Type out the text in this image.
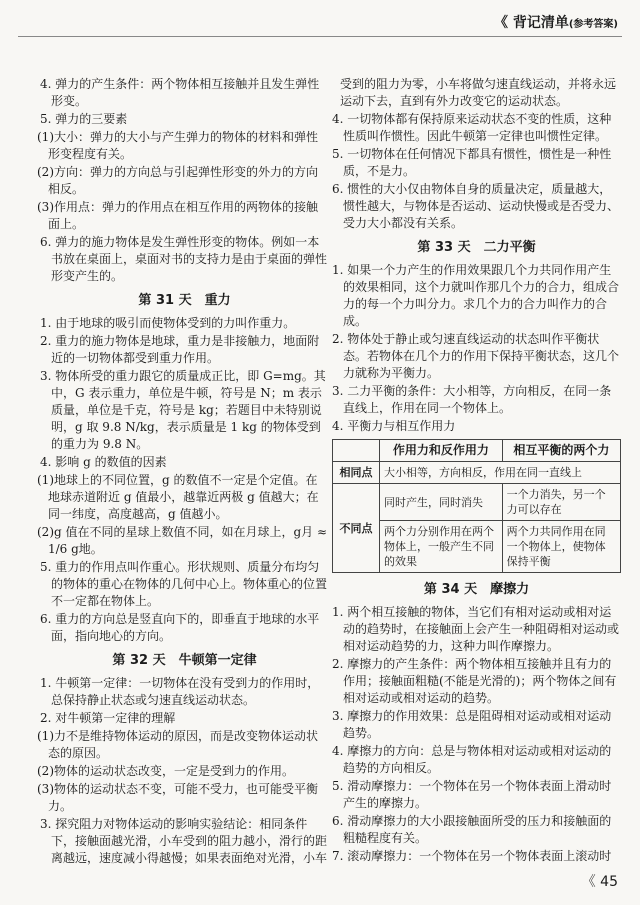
《 背记清单(参考答案)
4. 弹力的产生条件：两个物体相互接触并且发生弹性形变。
5. 弹力的三要素
(1)大小：弹力的大小与产生弹力的物体的材料和弹性形变程度有关。
(2)方向：弹力的方向总与引起弹性形变的外力的方向相反。
(3)作用点：弹力的作用点在相互作用的两物体的接触面上。
6. 弹力的施力物体是发生弹性形变的物体。例如一本书放在桌面上，桌面对书的支持力是由于桌面的弹性形变产生的。
第 31 天　重力
1. 由于地球的吸引而使物体受到的力叫作重力。
2. 重力的施力物体是地球，重力是非接触力，地面附近的一切物体都受到重力作用。
3. 物体所受的重力跟它的质量成正比，即 G=mg。其中，G 表示重力，单位是牛顿，符号是 N；m 表示质量，单位是千克，符号是 kg；若题目中未特别说明，g 取 9.8 N/kg，表示质量是 1 kg 的物体受到的重力为 9.8 N。
4. 影响 g 的数值的因素
(1)地球上的不同位置，g 的数值不一定是个定值。在地球赤道附近 g 值最小，越靠近两极 g 值越大；在同一纬度，高度越高，g 值越小。
(2)g 值在不同的星球上数值不同，如在月球上，g月 ≈ 1/6 g地。
5. 重力的作用点叫作重心。形状规则、质量分布均匀的物体的重心在物体的几何中心上。物体重心的位置不一定都在物体上。
6. 重力的方向总是竖直向下的，即垂直于地球的水平面，指向地心的方向。
第 32 天　牛顿第一定律
1. 牛顿第一定律：一切物体在没有受到力的作用时，总保持静止状态或匀速直线运动状态。
2. 对牛顿第一定律的理解
(1)力不是维持物体运动的原因，而是改变物体运动状态的原因。
(2)物体的运动状态改变，一定是受到力的作用。
(3)物体的运动状态不变，可能不受力，也可能受平衡力。
3. 探究阻力对物体运动的影响实验结论：相同条件下，接触面越光滑，小车受到的阻力越小，滑行的距离越远，速度减小得越慢；如果表面绝对光滑，小车
受到的阻力为零，小车将做匀速直线运动，并将永远运动下去，直到有外力改变它的运动状态。
4. 一切物体都有保持原来运动状态不变的性质，这种性质叫作惯性。因此牛顿第一定律也叫惯性定律。
5. 一切物体在任何情况下都具有惯性，惯性是一种性质，不是力。
6. 惯性的大小仅由物体自身的质量决定，质量越大，惯性越大，与物体是否运动、运动快慢或是否受力、受力大小都没有关系。
第 33 天　二力平衡
1. 如果一个力产生的作用效果跟几个力共同作用产生的效果相同，这个力就叫作那几个力的合力，组成合力的每一个力叫分力。求几个力的合力叫作力的合成。
2. 物体处于静止或匀速直线运动的状态叫作平衡状态。若物体在几个力的作用下保持平衡状态，这几个力就称为平衡力。
3. 二力平衡的条件：大小相等，方向相反，在同一条直线上，作用在同一个物体上。
4. 平衡力与相互作用力
	作用力和反作用力	相互平衡的两个力
相同点	大小相等，方向相反，作用在同一直线上	
不同点	同时产生，同时消失	一个力消失，另一个力可以存在
	两个力分别作用在两个物体上，一般产生不同的效果	两个力共同作用在同一个物体上，使物体保持平衡
第 34 天　摩擦力
1. 两个相互接触的物体，当它们有相对运动或相对运动的趋势时，在接触面上会产生一种阻碍相对运动或相对运动趋势的力，这种力叫作摩擦力。
2. 摩擦力的产生条件：两个物体相互接触并且有力的作用；接触面粗糙(不能是光滑的)；两个物体之间有相对运动或相对运动的趋势。
3. 摩擦力的作用效果：总是阻碍相对运动或相对运动趋势。
4. 摩擦力的方向：总是与物体相对运动或相对运动的趋势的方向相反。
5. 滑动摩擦力：一个物体在另一个物体表面上滑动时产生的摩擦力。
6. 滑动摩擦力的大小跟接触面所受的压力和接触面的粗糙程度有关。
7. 滚动摩擦力：一个物体在另一个物体表面上滚动时
《 45
